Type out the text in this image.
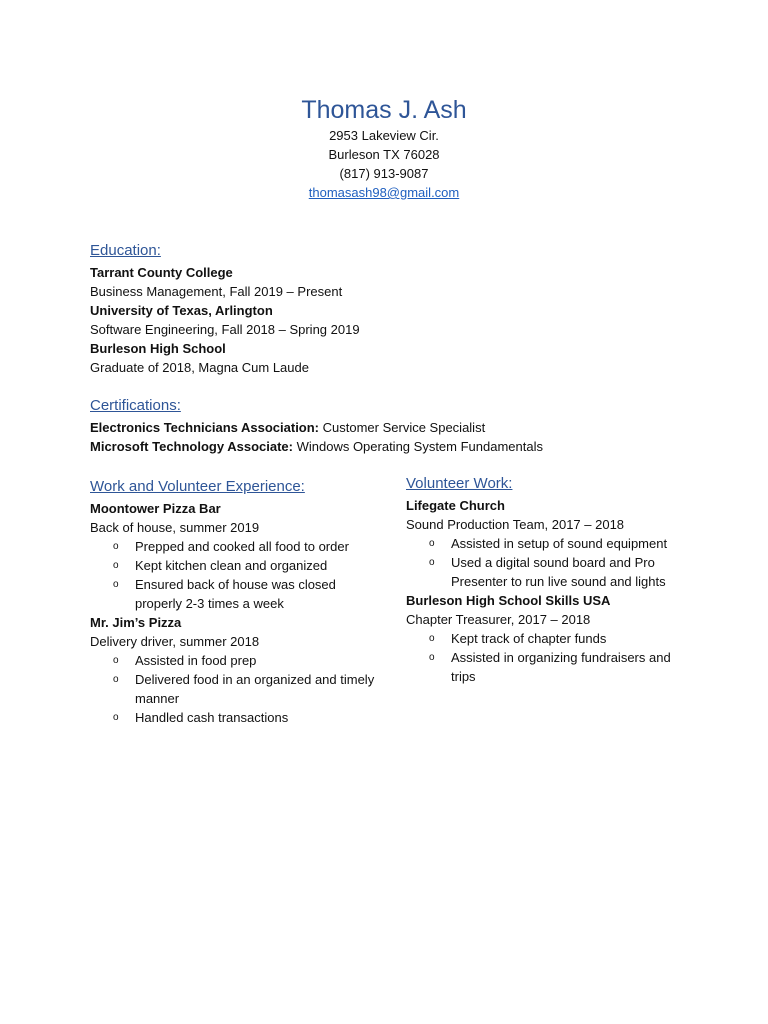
Thomas J. Ash

2953 Lakeview Cir.

Burleson TX 76028

(817) 913-9087

thomasash98@gmail.com

Education:

Tarrant County College

Business Management, Fall 2019 – Present

University of Texas, Arlington

Software Engineering, Fall 2018 – Spring 2019

Burleson High School

Graduate of 2018, Magna Cum Laude

Certifications:

Electronics Technicians Association: Customer Service Specialist

Microsoft Technology Associate: Windows Operating System Fundamentals

Work and Volunteer Experience:

Moontower Pizza Bar

Back of house, summer 2019

o Prepped and cooked all food to order
o Kept kitchen clean and organized
o Ensured back of house was closed properly 2-3 times a week

Mr. Jim’s Pizza

Delivery driver, summer 2018

o Assisted in food prep
o Delivered food in an organized and timely manner
o Handled cash transactions

Volunteer Work:

Lifegate Church

Sound Production Team, 2017 – 2018

o Assisted in setup of sound equipment
o Used a digital sound board and Pro Presenter to run live sound and lights

Burleson High School Skills USA

Chapter Treasurer, 2017 – 2018

o Kept track of chapter funds
o Assisted in organizing fundraisers and trips
